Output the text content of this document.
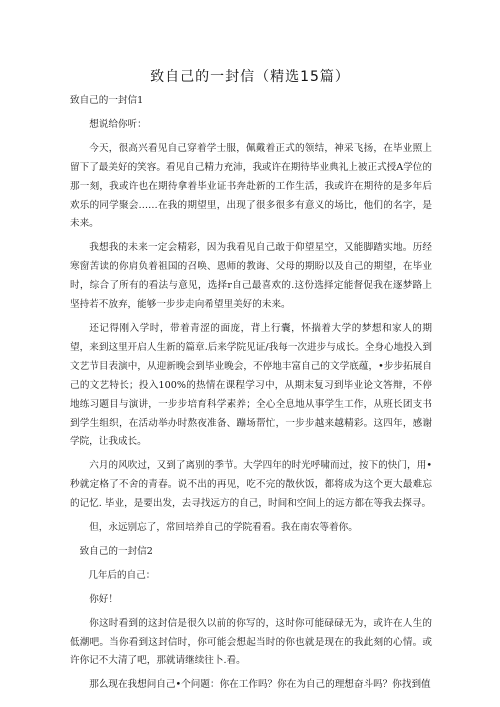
致自己的一封信（精选15篇）

致自己的一封信1

想说给你听：

今天，很高兴看见自己穿着学士服，佩戴着正式的领结，神采飞扬，在毕业照上留下了最美好的笑容。看见自己精力充沛，我或许在期待毕业典礼上被正式授A学位的那一刻，我或许也在期待拿着毕业证书奔赴新的工作生活，我或许在期待的是多年后欢乐的同学聚会……在我的期望里，出现了很多很多有意义的场比，他们的名字，是未来。

我想我的未来一定会精彩，因为我看见自己敢于仰望星空，又能脚踏实地。历经寒窗苦读的你肩负着祖国的召唤、恩师的教诲、父母的期盼以及自己的期望，在毕业时，综合了所有的看法与意见，选择r自己最喜欢的.这份选择定能督促我在逐梦路上坚持若不放弃，能够一步步走向希望里美好的未来。

还记得刚入学时，带着青涩的面庞，背上行囊，怀揣着大学的梦想和家人的期望，来到这里开启人生新的篇章.后来学院见证/我每一次进步与成长。全身心地投入到文艺节目表演中，从迎新晚会到毕业晚会，不停地丰富自己的文学底蕴，•步步拓展自己的文艺特长；投入100%的热情在课程学习中，从期末复习到毕业论文答辩，不停地练习题目与演讲，一步步培育科学素养；全心全息地从事学生工作，从班长团支书到学生组织，在活动举办时熬夜准备、蹦场帮忙，一步步越来越精彩。这四年，感谢学院，让我成长。

六月的风吹过，又到了离别的季节。大学四年的时光呼啸而过，按下的快门，用•秒就定格了不舍的青春。说不出的再见，吃不完的散伙饭，都将成为这个更大最难忘的记忆. 毕业，是要出发，去寻找远方的自己，时间和空间上的远方都在等我去探寻。

但，永远别忘了，常回培养自己的学院看看。我在南农等着你。

致自己的一封信2

几年后的自己：

你好！

你这时看到的这封信是很久以前的你写的，这时你可能碌碌无为，或许在人生的低潮吧。当你看到这封信时，你可能会想起当时的你也就是现在的我此刻的心情。或许你记不大清了吧，那就请继续往卜.看。

那么现在我想问自己•个问题：你在工作吗？你在为自己的理想奋斗吗？你找到值
